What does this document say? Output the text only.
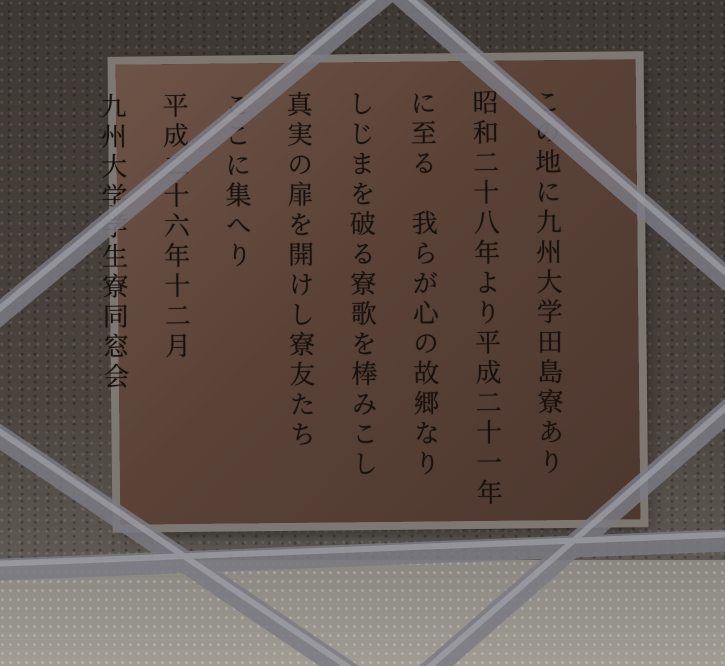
この地に九州大学田島寮あり
昭和二十八年より平成二十一年
に至る　我らが心の故郷なり
しじまを破る寮歌を棒みこし
真実の扉を開けし寮友たち
ここに集へり
平成二十六年十二月
九州大学学生寮同窓会
